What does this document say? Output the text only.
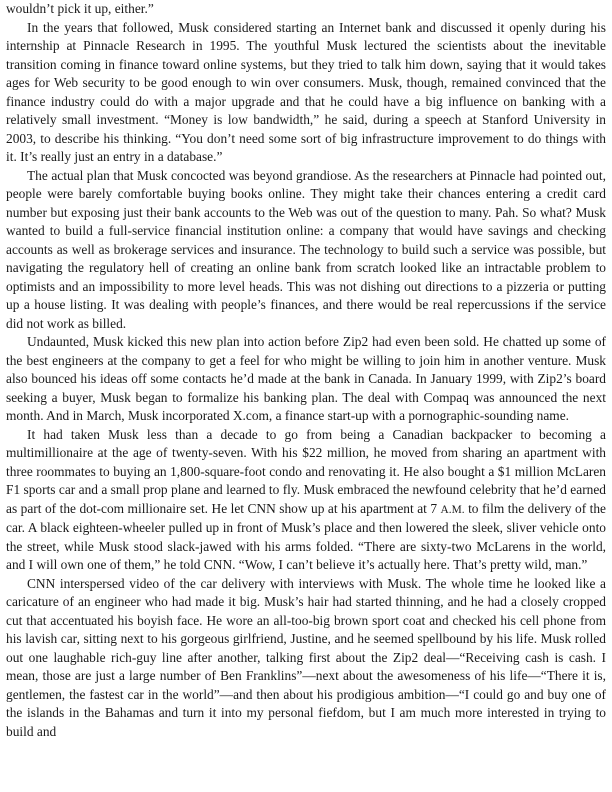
wouldn’t pick it up, either.”

In the years that followed, Musk considered starting an Internet bank and discussed it openly during his internship at Pinnacle Research in 1995. The youthful Musk lectured the scientists about the inevitable transition coming in finance toward online systems, but they tried to talk him down, saying that it would takes ages for Web security to be good enough to win over consumers. Musk, though, remained convinced that the finance industry could do with a major upgrade and that he could have a big influence on banking with a relatively small investment. “Money is low bandwidth,” he said, during a speech at Stanford University in 2003, to describe his thinking. “You don’t need some sort of big infrastructure improvement to do things with it. It’s really just an entry in a database.”

The actual plan that Musk concocted was beyond grandiose. As the researchers at Pinnacle had pointed out, people were barely comfortable buying books online. They might take their chances entering a credit card number but exposing just their bank accounts to the Web was out of the question to many. Pah. So what? Musk wanted to build a full-service financial institution online: a company that would have savings and checking accounts as well as brokerage services and insurance. The technology to build such a service was possible, but navigating the regulatory hell of creating an online bank from scratch looked like an intractable problem to optimists and an impossibility to more level heads. This was not dishing out directions to a pizzeria or putting up a house listing. It was dealing with people’s finances, and there would be real repercussions if the service did not work as billed.

Undaunted, Musk kicked this new plan into action before Zip2 had even been sold. He chatted up some of the best engineers at the company to get a feel for who might be willing to join him in another venture. Musk also bounced his ideas off some contacts he’d made at the bank in Canada. In January 1999, with Zip2’s board seeking a buyer, Musk began to formalize his banking plan. The deal with Compaq was announced the next month. And in March, Musk incorporated X.com, a finance start-up with a pornographic-sounding name.

It had taken Musk less than a decade to go from being a Canadian backpacker to becoming a multimillionaire at the age of twenty-seven. With his $22 million, he moved from sharing an apartment with three roommates to buying an 1,800-square-foot condo and renovating it. He also bought a $1 million McLaren F1 sports car and a small prop plane and learned to fly. Musk embraced the newfound celebrity that he’d earned as part of the dot-com millionaire set. He let CNN show up at his apartment at 7 A.M. to film the delivery of the car. A black eighteen-wheeler pulled up in front of Musk’s place and then lowered the sleek, sliver vehicle onto the street, while Musk stood slack-jawed with his arms folded. “There are sixty-two McLarens in the world, and I will own one of them,” he told CNN. “Wow, I can’t believe it’s actually here. That’s pretty wild, man.”

CNN interspersed video of the car delivery with interviews with Musk. The whole time he looked like a caricature of an engineer who had made it big. Musk’s hair had started thinning, and he had a closely cropped cut that accentuated his boyish face. He wore an all-too-big brown sport coat and checked his cell phone from his lavish car, sitting next to his gorgeous girlfriend, Justine, and he seemed spellbound by his life. Musk rolled out one laughable rich-guy line after another, talking first about the Zip2 deal—“Receiving cash is cash. I mean, those are just a large number of Ben Franklins”—next about the awesomeness of his life—“There it is, gentlemen, the fastest car in the world”—and then about his prodigious ambition—“I could go and buy one of the islands in the Bahamas and turn it into my personal fiefdom, but I am much more interested in trying to build and
